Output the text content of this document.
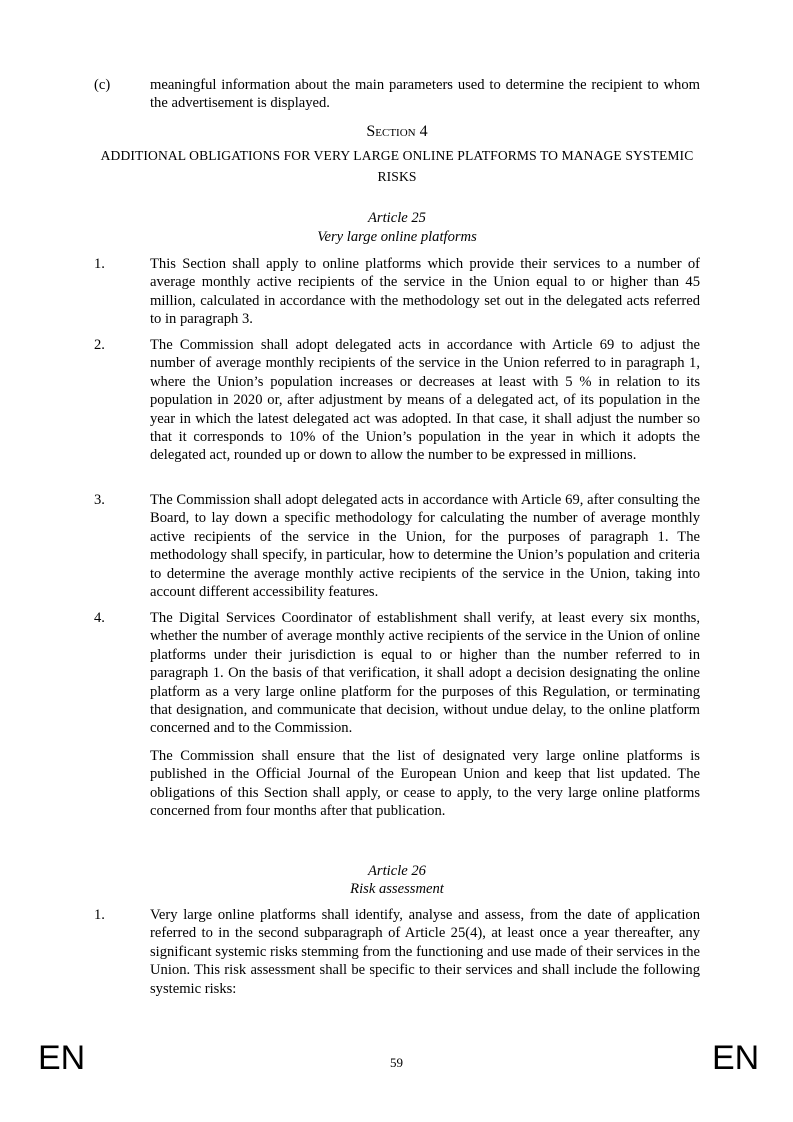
(c)	meaningful information about the main parameters used to determine the recipient to whom the advertisement is displayed.

Section 4
ADDITIONAL OBLIGATIONS FOR VERY LARGE ONLINE PLATFORMS TO MANAGE SYSTEMIC RISKS
Article 25
Very large online platforms
1.	This Section shall apply to online platforms which provide their services to a number of average monthly active recipients of the service in the Union equal to or higher than 45 million, calculated in accordance with the methodology set out in the delegated acts referred to in paragraph 3.

2.	The Commission shall adopt delegated acts in accordance with Article 69 to adjust the number of average monthly recipients of the service in the Union referred to in paragraph 1, where the Union’s population increases or decreases at least with 5 % in relation to its population in 2020 or, after adjustment by means of a delegated act, of its population in the year in which the latest delegated act was adopted. In that case, it shall adjust the number so that it corresponds to 10% of the Union’s population in the year in which it adopts the delegated act, rounded up or down to allow the number to be expressed in millions.

3.	The Commission shall adopt delegated acts in accordance with Article 69, after consulting the Board, to lay down a specific methodology for calculating the number of average monthly active recipients of the service in the Union, for the purposes of paragraph 1. The methodology shall specify, in particular, how to determine the Union’s population and criteria to determine the average monthly active recipients of the service in the Union, taking into account different accessibility features.

4.	The Digital Services Coordinator of establishment shall verify, at least every six months, whether the number of average monthly active recipients of the service in the Union of online platforms under their jurisdiction is equal to or higher than the number referred to in paragraph 1. On the basis of that verification, it shall adopt a decision designating the online platform as a very large online platform for the purposes of this Regulation, or terminating that designation, and communicate that decision, without undue delay, to the online platform concerned and to the Commission.

The Commission shall ensure that the list of designated very large online platforms is published in the Official Journal of the European Union and keep that list updated. The obligations of this Section shall apply, or cease to apply, to the very large online platforms concerned from four months after that publication.

Article 26
Risk assessment
1.	Very large online platforms shall identify, analyse and assess, from the date of application referred to in the second subparagraph of Article 25(4), at least once a year thereafter, any significant systemic risks stemming from the functioning and use made of their services in the Union. This risk assessment shall be specific to their services and shall include the following systemic risks:

EN	59	EN
